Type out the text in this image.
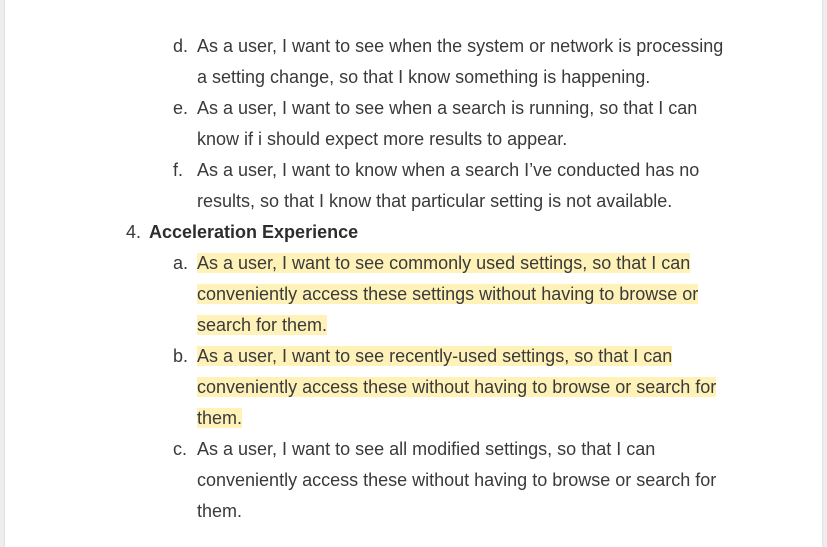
d. As a user, I want to see when the system or network is processing
a setting change, so that I know something is happening.
e. As a user, I want to see when a search is running, so that I can
know if i should expect more results to appear.
f. As a user, I want to know when a search I’ve conducted has no
results, so that I know that particular setting is not available.
4. Acceleration Experience
a. As a user, I want to see commonly used settings, so that I can
conveniently access these settings without having to browse or
search for them.
b. As a user, I want to see recently-used settings, so that I can
conveniently access these without having to browse or search for
them.
c. As a user, I want to see all modified settings, so that I can
conveniently access these without having to browse or search for
them.
